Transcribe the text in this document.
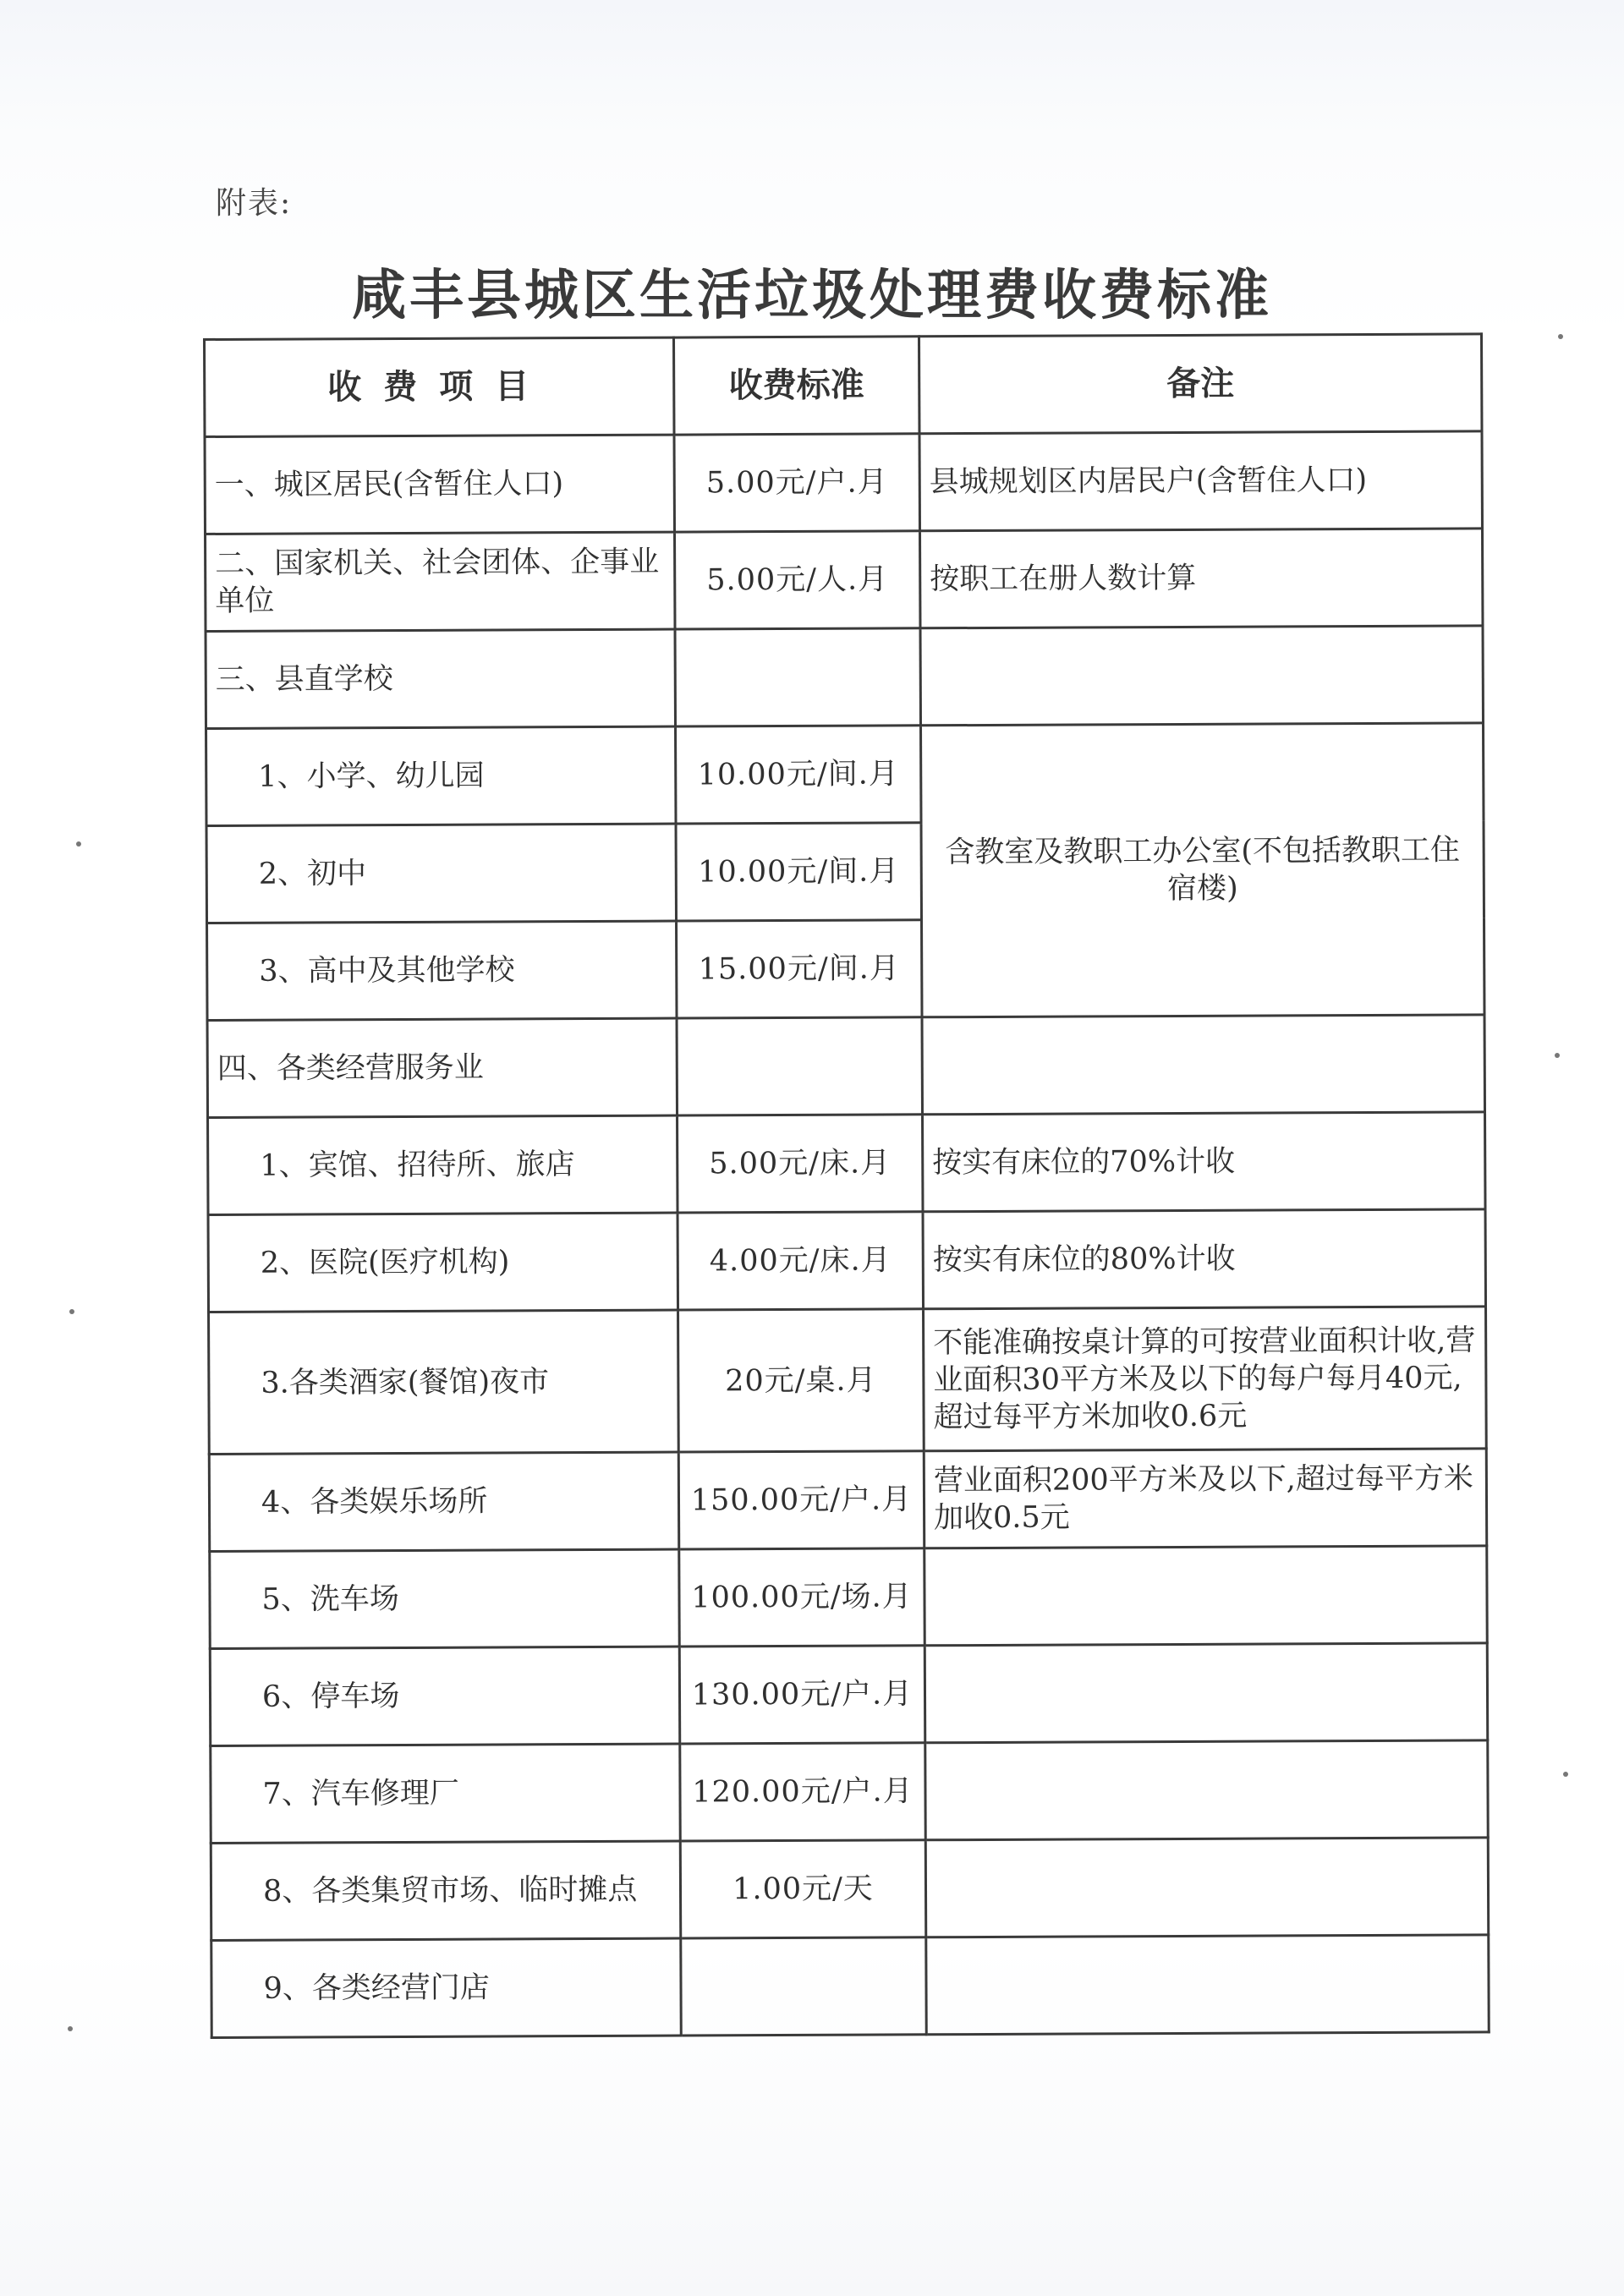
附表:
咸丰县城区生活垃圾处理费收费标准
收费项目	收费标准	备注
一、城区居民(含暂住人口)	5.00元/户.月	县城规划区内居民户(含暂住人口)
二、国家机关、社会团体、企事业单位	5.00元/人.月	按职工在册人数计算
三、县直学校		
1、小学、幼儿园	10.00元/间.月	含教室及教职工办公室(不包括教职工住宿楼)
2、初中	10.00元/间.月	
3、高中及其他学校	15.00元/间.月	
四、各类经营服务业		
1、宾馆、招待所、旅店	5.00元/床.月	按实有床位的70%计收
2、医院(医疗机构)	4.00元/床.月	按实有床位的80%计收
3.各类酒家(餐馆)夜市	20元/桌.月	不能准确按桌计算的可按营业面积计收,营业面积30平方米及以下的每户每月40元,超过每平方米加收0.6元
4、各类娱乐场所	150.00元/户.月	营业面积200平方米及以下,超过每平方米加收0.5元
5、洗车场	100.00元/场.月	
6、停车场	130.00元/户.月	
7、汽车修理厂	120.00元/户.月	
8、各类集贸市场、临时摊点	1.00元/天	
9、各类经营门店		
